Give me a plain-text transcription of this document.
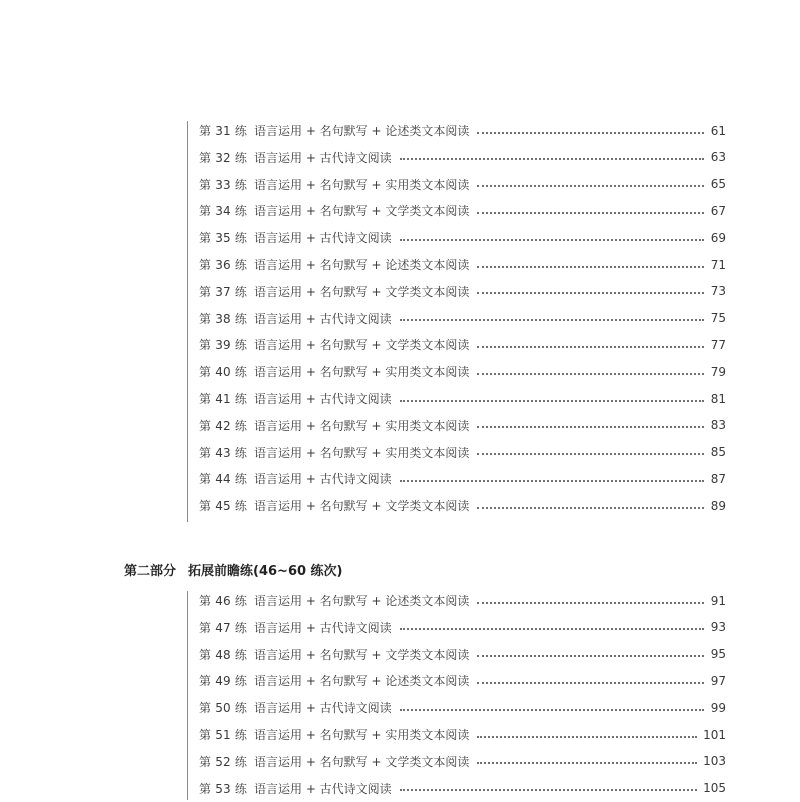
第 31 练 语言运用 + 名句默写 + 论述类文本阅读	61
第 32 练 语言运用 + 古代诗文阅读	63
第 33 练 语言运用 + 名句默写 + 实用类文本阅读	65
第 34 练 语言运用 + 名句默写 + 文学类文本阅读	67
第 35 练 语言运用 + 古代诗文阅读	69
第 36 练 语言运用 + 名句默写 + 论述类文本阅读	71
第 37 练 语言运用 + 名句默写 + 文学类文本阅读	73
第 38 练 语言运用 + 古代诗文阅读	75
第 39 练 语言运用 + 名句默写 + 文学类文本阅读	77
第 40 练 语言运用 + 名句默写 + 实用类文本阅读	79
第 41 练 语言运用 + 古代诗文阅读	81
第 42 练 语言运用 + 名句默写 + 实用类文本阅读	83
第 43 练 语言运用 + 名句默写 + 实用类文本阅读	85
第 44 练 语言运用 + 古代诗文阅读	87
第 45 练 语言运用 + 名句默写 + 文学类文本阅读	89
第二部分 拓展前瞻练(46~60 练次)
第 46 练 语言运用 + 名句默写 + 论述类文本阅读	91
第 47 练 语言运用 + 古代诗文阅读	93
第 48 练 语言运用 + 名句默写 + 文学类文本阅读	95
第 49 练 语言运用 + 名句默写 + 论述类文本阅读	97
第 50 练 语言运用 + 古代诗文阅读	99
第 51 练 语言运用 + 名句默写 + 实用类文本阅读	101
第 52 练 语言运用 + 名句默写 + 文学类文本阅读	103
第 53 练 语言运用 + 古代诗文阅读	105
